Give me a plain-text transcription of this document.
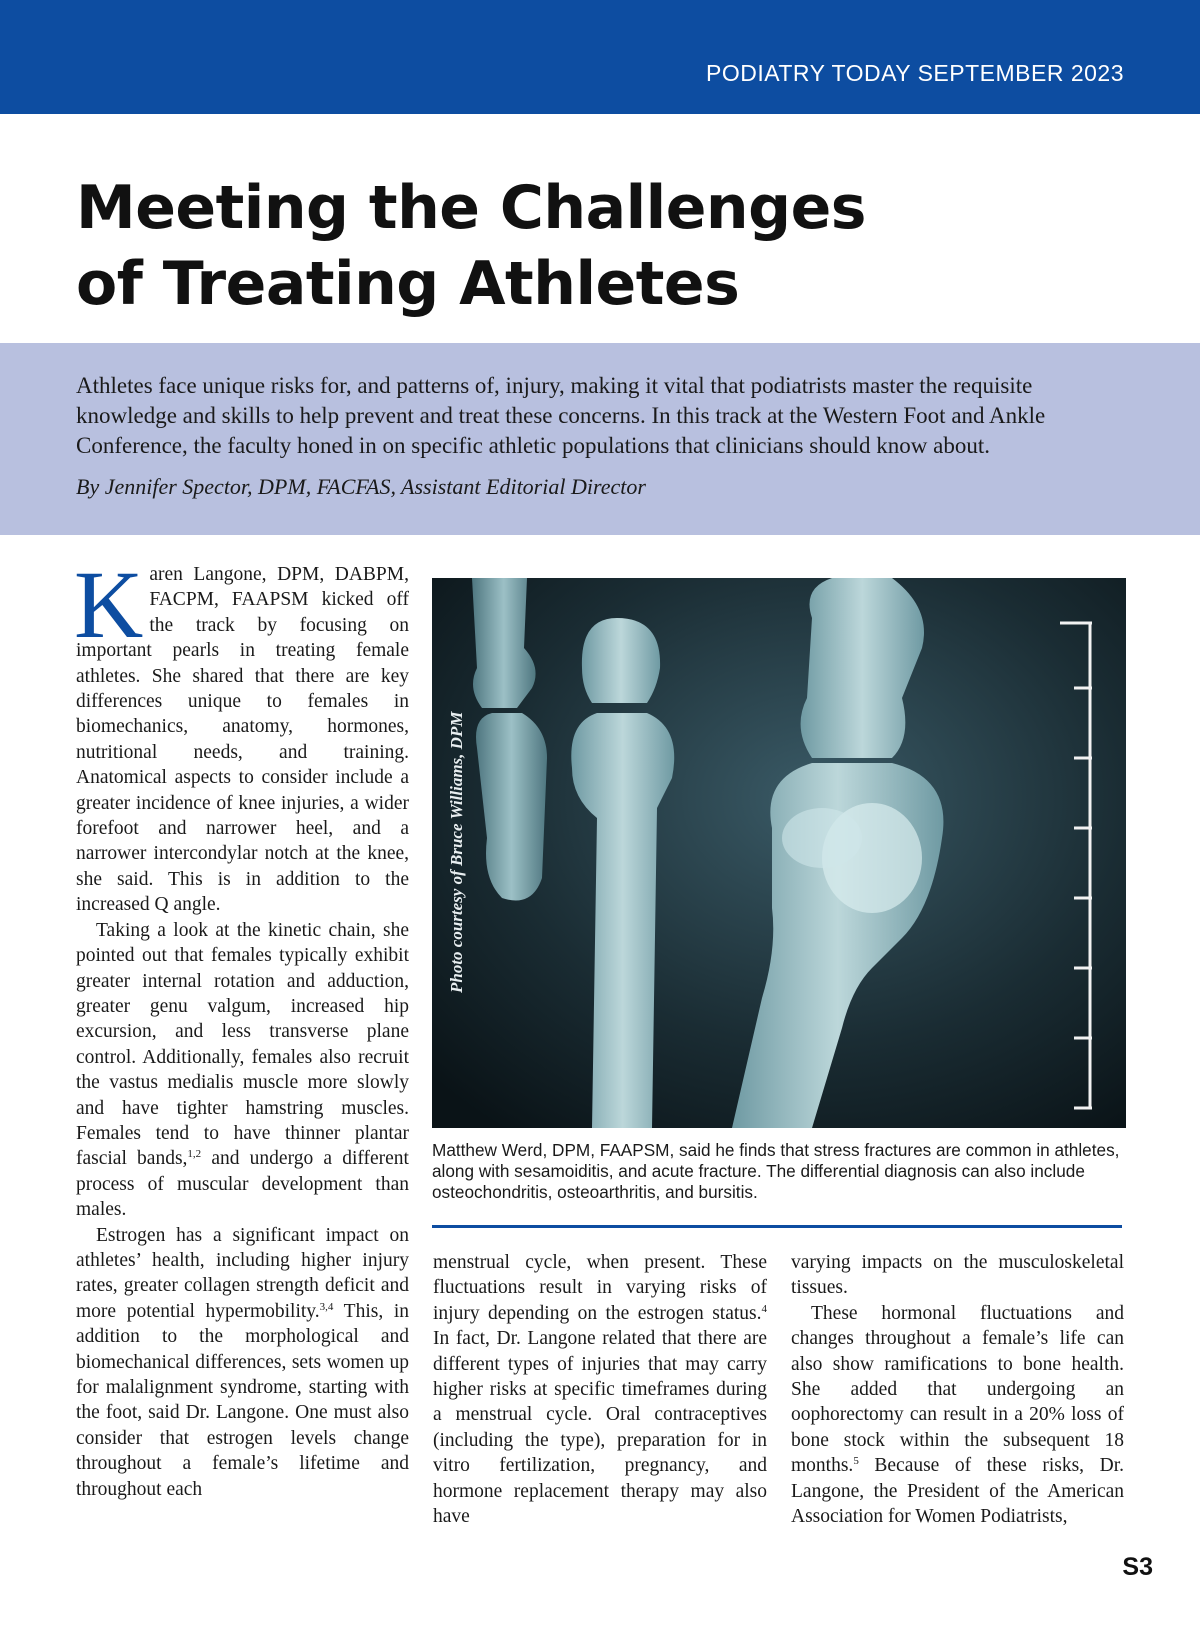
PODIATRY TODAY SEPTEMBER 2023
Meeting the Challenges
of Treating Athletes

Athletes face unique risks for, and patterns of, injury, making it vital that podiatrists master the requisite knowledge and skills to help prevent and treat these concerns. In this track at the Western Foot and Ankle Conference, the faculty honed in on specific athletic populations that clinicians should know about.

By Jennifer Spector, DPM, FACFAS, Assistant Editorial Director

Karen Langone, DPM, DABPM, FACPM, FAAPSM kicked off the track by focusing on important pearls in treating female athletes. She shared that there are key differences unique to females in biomechanics, anatomy, hormones, nutritional needs, and training. Anatomical aspects to consider include a greater incidence of knee injuries, a wider forefoot and narrower heel, and a narrower intercondylar notch at the knee, she said. This is in addition to the increased Q angle.

Taking a look at the kinetic chain, she pointed out that females typically exhibit greater internal rotation and adduction, greater genu valgum, increased hip excursion, and less transverse plane control. Additionally, females also recruit the vastus medialis muscle more slowly and have tighter hamstring muscles. Females tend to have thinner plantar fascial bands,$^{1,2}$ and undergo a different process of muscular development than males.

Estrogen has a significant impact on athletes’ health, including higher injury rates, greater collagen strength deficit and more potential hypermobility.$^{3,4}$ This, in addition to the morphological and biomechanical differences, sets women up for malalignment syndrome, starting with the foot, said Dr. Langone. One must also consider that estrogen levels change throughout a female’s lifetime and throughout each

Photo courtesy of Bruce Williams, DPM

Matthew Werd, DPM, FAAPSM, said he finds that stress fractures are common in athletes, along with sesamoiditis, and acute fracture. The differential diagnosis can also include osteochondritis, osteoarthritis, and bursitis.

menstrual cycle, when present. These fluctuations result in varying risks of injury depending on the estrogen status.$^4$ In fact, Dr. Langone related that there are different types of injuries that may carry higher risks at specific timeframes during a menstrual cycle. Oral contraceptives (including the type), preparation for in vitro fertilization, pregnancy, and hormone replacement therapy may also have

varying impacts on the musculoskeletal tissues.

These hormonal fluctuations and changes throughout a female’s life can also show ramifications to bone health. She added that undergoing an oophorectomy can result in a 20% loss of bone stock within the subsequent 18 months.$^5$ Because of these risks, Dr. Langone, the President of the American Association for Women Podiatrists,

S3
